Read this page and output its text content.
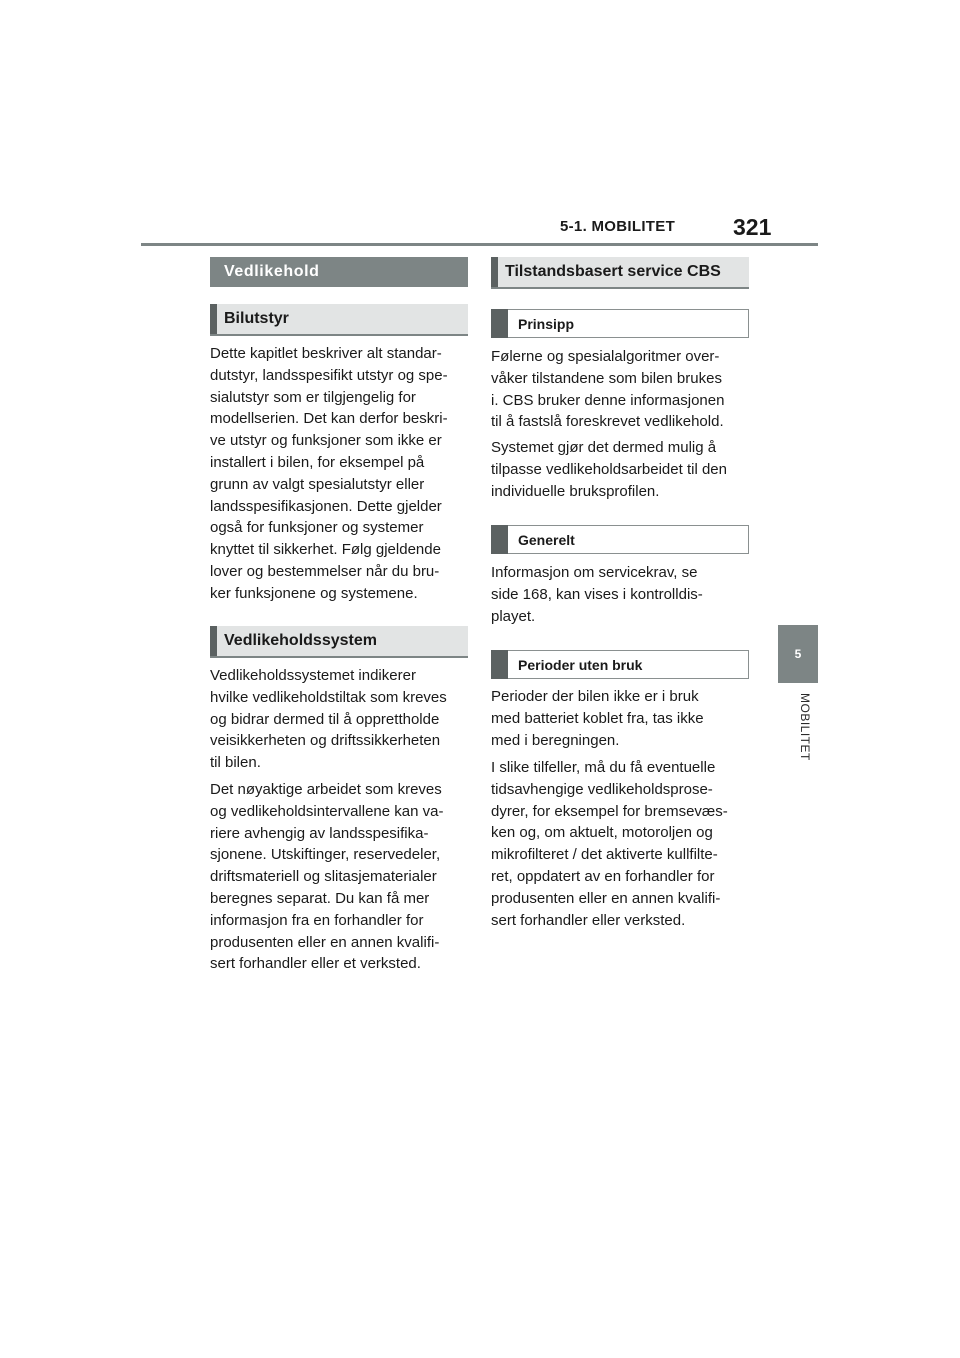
5-1. MOBILITET	321
5
MOBILITET
Vedlikehold
Bilutstyr

Dette kapitlet beskriver alt standar-
dutstyr, landsspesifikt utstyr og spe-
sialutstyr som er tilgjengelig for
modellserien. Det kan derfor beskri-
ve utstyr og funksjoner som ikke er
installert i bilen, for eksempel på
grunn av valgt spesialutstyr eller
landsspesifikasjonen. Dette gjelder
også for funksjoner og systemer
knyttet til sikkerhet. Følg gjeldende
lover og bestemmelser når du bru-
ker funksjonene og systemene.

Vedlikeholdssystem

Vedlikeholdssystemet indikerer
hvilke vedlikeholdstiltak som kreves
og bidrar dermed til å opprettholde
veisikkerheten og driftssikkerheten
til bilen.

Det nøyaktige arbeidet som kreves
og vedlikeholdsintervallene kan va-
riere avhengig av landsspesifika-
sjonene. Utskiftinger, reservedeler,
driftsmateriell og slitasjematerialer
beregnes separat. Du kan få mer
informasjon fra en forhandler for
produsenten eller en annen kvalifi-
sert forhandler eller et verksted.

Tilstandsbasert service CBS
Prinsipp

Følerne og spesialalgoritmer over-
våker tilstandene som bilen brukes
i. CBS bruker denne informasjonen
til å fastslå foreskrevet vedlikehold.

Systemet gjør det dermed mulig å
tilpasse vedlikeholdsarbeidet til den
individuelle bruksprofilen.

Generelt

Informasjon om servicekrav, se
side 168, kan vises i kontrolldis-
playet.

Perioder uten bruk

Perioder der bilen ikke er i bruk
med batteriet koblet fra, tas ikke
med i beregningen.

I slike tilfeller, må du få eventuelle
tidsavhengige vedlikeholdsprose-
dyrer, for eksempel for bremsevæs-
ken og, om aktuelt, motoroljen og
mikrofilteret / det aktiverte kullfilte-
ret, oppdatert av en forhandler for
produsenten eller en annen kvalifi-
sert forhandler eller verksted.
